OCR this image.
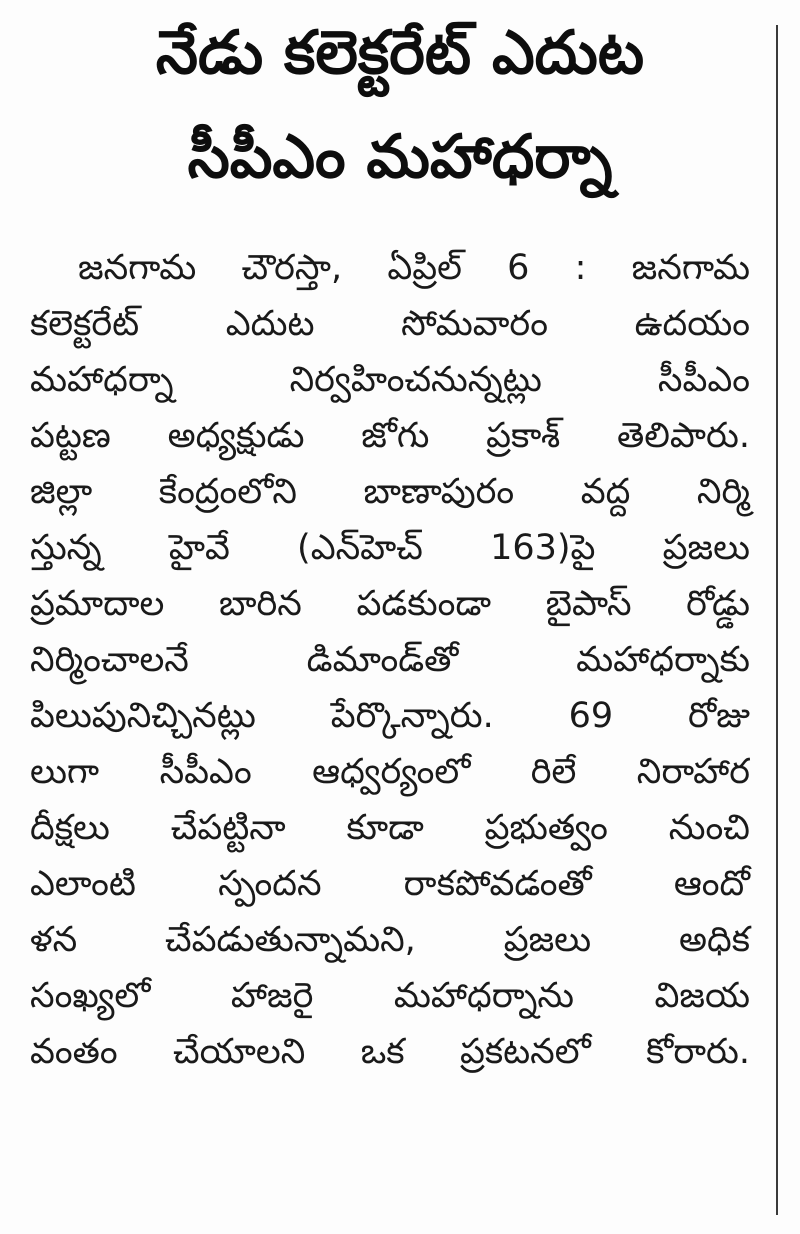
నేడు కలెక్టరేట్ ఎదుట
సీపీఎం మహాధర్నా
జనగామ చౌరస్తా, ఏప్రిల్ 6 : జనగామ
కలెక్టరేట్ ఎదుట సోమవారం ఉదయం
మహాధర్నా నిర్వహించనున్నట్లు సీపీఎం
పట్టణ అధ్యక్షుడు జోగు ప్రకాశ్ తెలిపారు.
జిల్లా కేంద్రంలోని బాణాపురం వద్ద నిర్మి
స్తున్న హైవే (ఎన్‌హెచ్ 163)పై ప్రజలు
ప్రమాదాల బారిన పడకుండా బైపాస్ రోడ్డు
నిర్మించాలనే డిమాండ్‌తో మహాధర్నాకు
పిలుపునిచ్చినట్లు పేర్కొన్నారు. 69 రోజు
లుగా సీపీఎం ఆధ్వర్యంలో రిలే నిరాహార
దీక్షలు చేపట్టినా కూడా ప్రభుత్వం నుంచి
ఎలాంటి స్పందన రాకపోవడంతో ఆందో
ళన చేపడుతున్నామని, ప్రజలు అధిక
సంఖ్యలో హాజరై మహాధర్నాను విజయ
వంతం చేయాలని ఒక ప్రకటనలో కోరారు.
